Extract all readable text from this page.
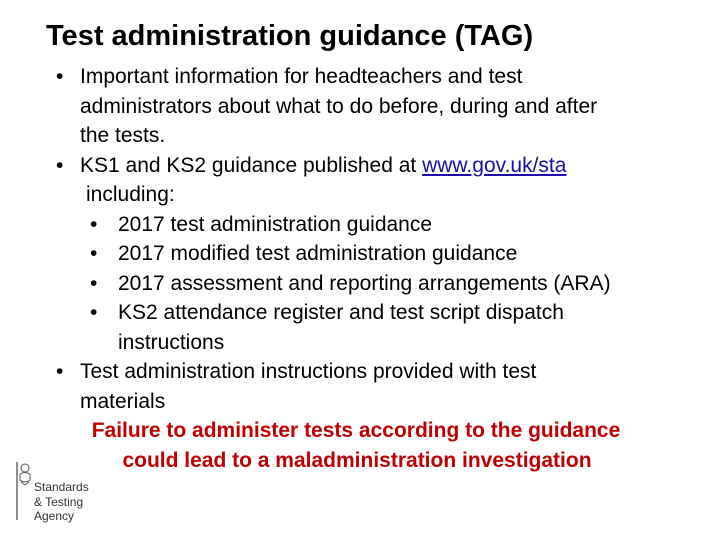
Test administration guidance (TAG)
• Important information for headteachers and test
administrators about what to do before, during and after
the tests.
• KS1 and KS2 guidance published at www.gov.uk/sta
including:
• 2017 test administration guidance
• 2017 modified test administration guidance
• 2017 assessment and reporting arrangements (ARA)
• KS2 attendance register and test script dispatch
instructions
• Test administration instructions provided with test
materials
Failure to administer tests according to the guidance
could lead to a maladministration investigation
Standards
& Testing
Agency
